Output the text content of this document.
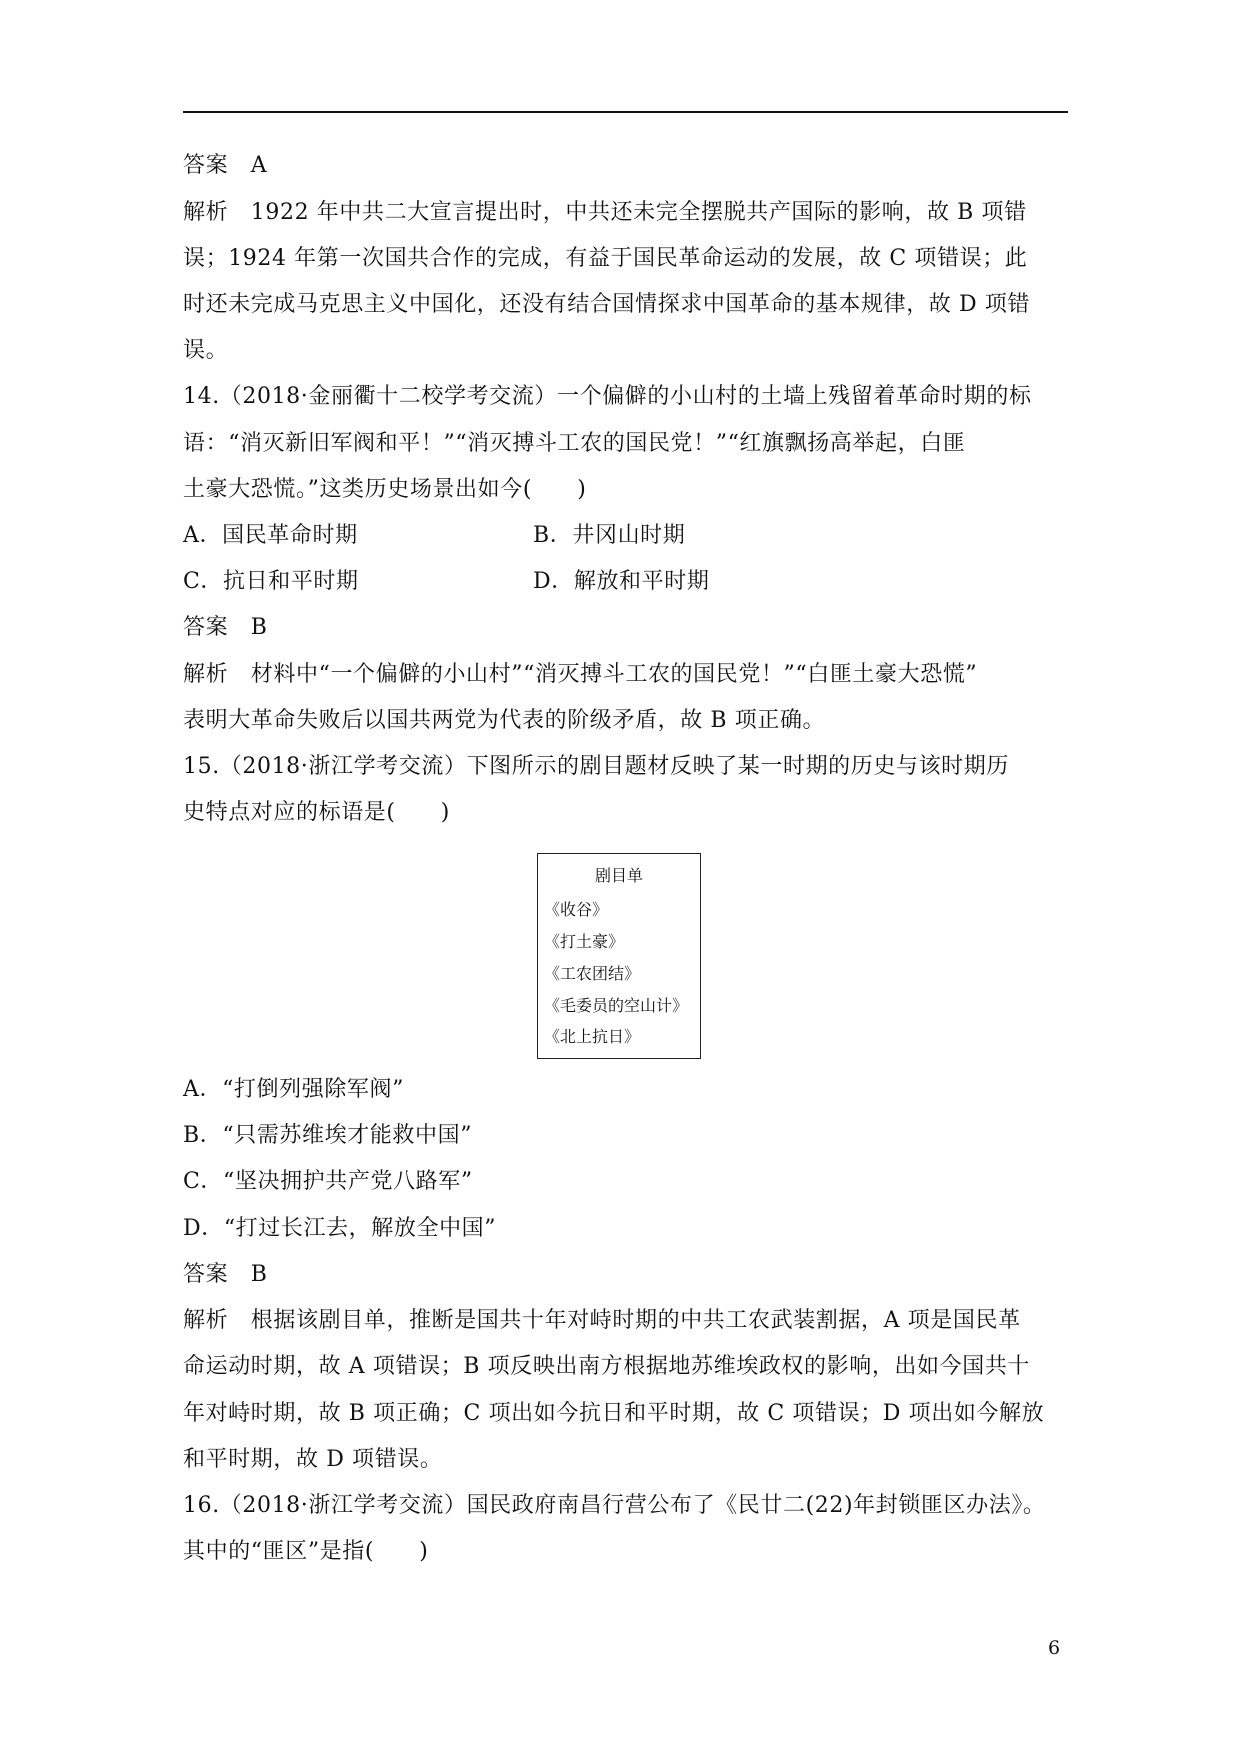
答案　A
解析　1922 年中共二大宣言提出时，中共还未完全摆脱共产国际的影响，故 B 项错
误；1924 年第一次国共合作的完成，有益于国民革命运动的发展，故 C 项错误；此
时还未完成马克思主义中国化，还没有结合国情探求中国革命的基本规律，故 D 项错
误。
14.（2018·金丽衢十二校学考交流）一个偏僻的小山村的土墙上残留着革命时期的标
语：“消灭新旧军阀和平！”“消灭搏斗工农的国民党！”“红旗飘扬高举起，白匪
土豪大恐慌。”这类历史场景出如今(　　)
A．国民革命时期	B．井冈山时期
C．抗日和平时期	D．解放和平时期
答案　B
解析　材料中“一个偏僻的小山村”“消灭搏斗工农的国民党！”“白匪土豪大恐慌”
表明大革命失败后以国共两党为代表的阶级矛盾，故 B 项正确。
15.（2018·浙江学考交流）下图所示的剧目题材反映了某一时期的历史与该时期历
史特点对应的标语是(　　)
剧目单
《收谷》
《打土豪》
《工农团结》
《毛委员的空山计》
《北上抗日》
A．“打倒列强除军阀”
B．“只需苏维埃才能救中国”
C．“坚决拥护共产党八路军”
D．“打过长江去，解放全中国”
答案　B
解析　根据该剧目单，推断是国共十年对峙时期的中共工农武装割据，A 项是国民革
命运动时期，故 A 项错误；B 项反映出南方根据地苏维埃政权的影响，出如今国共十
年对峙时期，故 B 项正确；C 项出如今抗日和平时期，故 C 项错误；D 项出如今解放
和平时期，故 D 项错误。
16.（2018·浙江学考交流）国民政府南昌行营公布了《民廿二(22)年封锁匪区办法》。
其中的“匪区”是指(　　)
6
